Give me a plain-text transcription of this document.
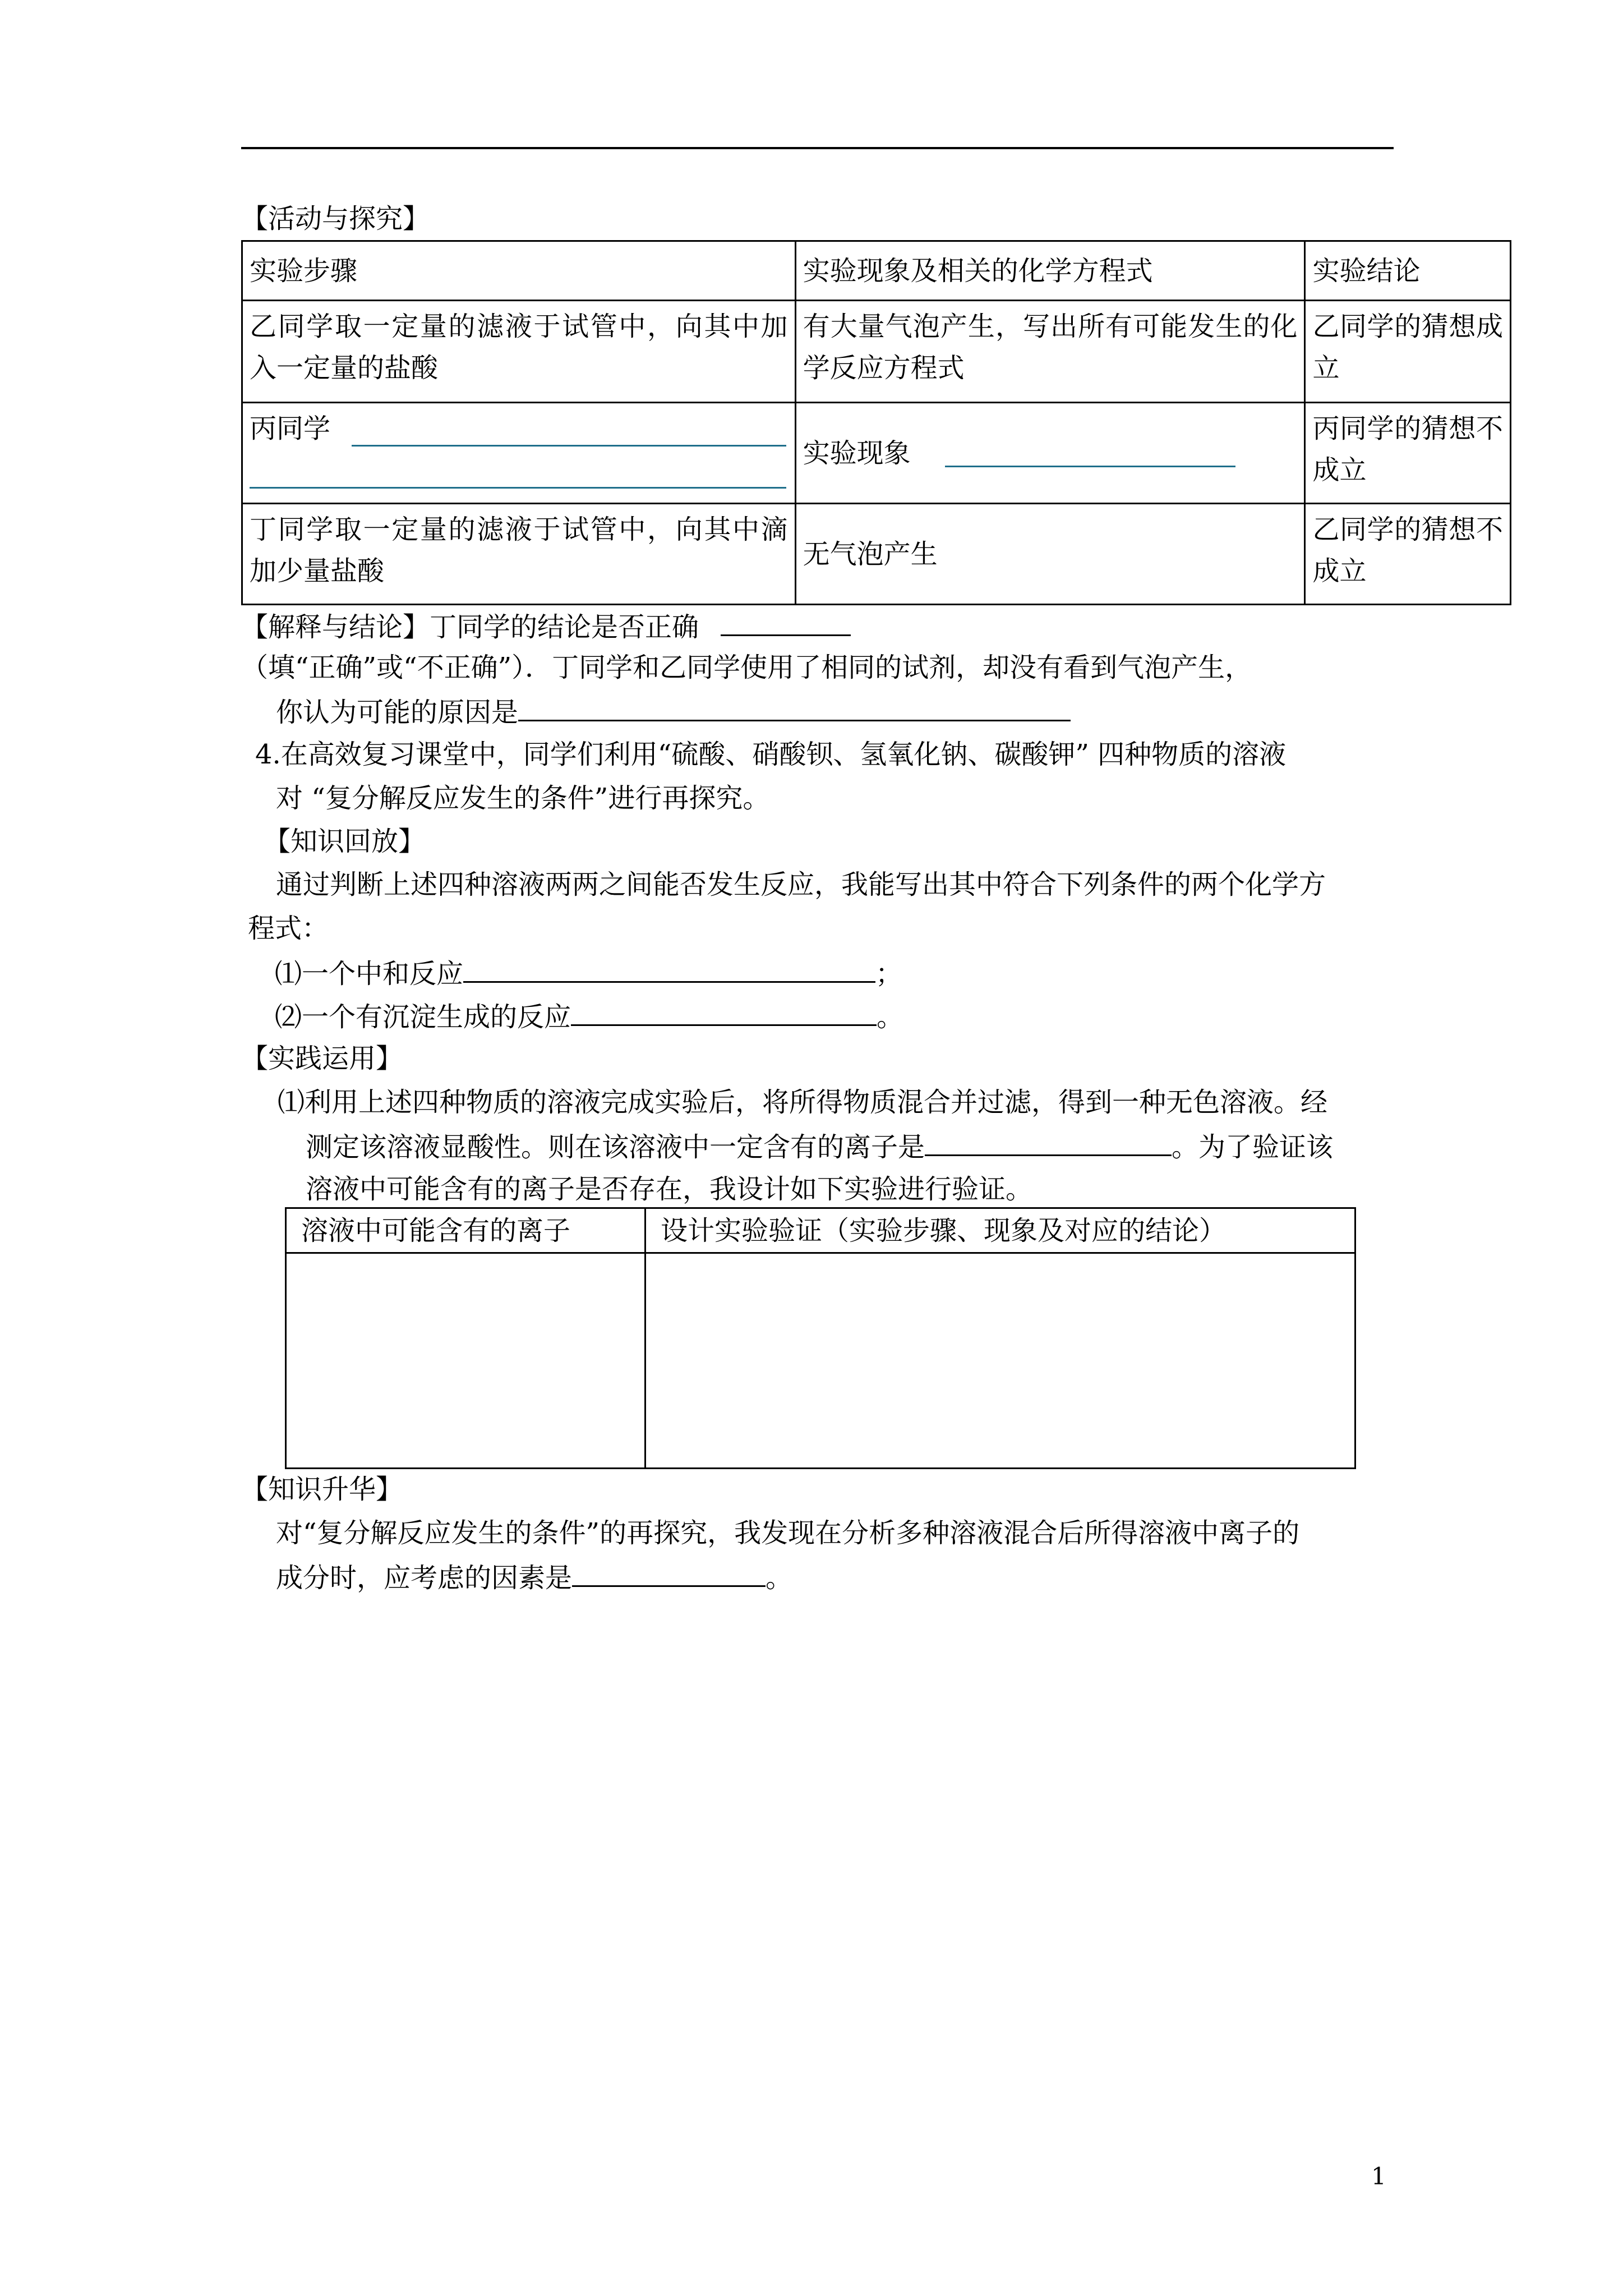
【活动与探究】
实验步骤	实验现象及相关的化学方程式	实验结论
乙同学取一定量的滤液于试管中，向其中加入一定量的盐酸	有大量气泡产生，写出所有可能发生的化学反应方程式	乙同学的猜想成立
丙同学	实验现象	丙同学的猜想不成立
丁同学取一定量的滤液于试管中，向其中滴加少量盐酸	无气泡产生	乙同学的猜想不成立
【解释与结论】丁同学的结论是否正确
（填“正确”或“不正确”）．丁同学和乙同学使用了相同的试剂，却没有看到气泡产生，
你认为可能的原因是
4.在高效复习课堂中，同学们利用“硫酸、硝酸钡、氢氧化钠、碳酸钾” 四种物质的溶液
对 “复分解反应发生的条件”进行再探究。
【知识回放】
通过判断上述四种溶液两两之间能否发生反应，我能写出其中符合下列条件的两个化学方
程式：
⑴一个中和反应	；
⑵一个有沉淀生成的反应	。
【实践运用】
⑴利用上述四种物质的溶液完成实验后，将所得物质混合并过滤，得到一种无色溶液。经
测定该溶液显酸性。则在该溶液中一定含有的离子是	。为了验证该
溶液中可能含有的离子是否存在，我设计如下实验进行验证。
溶液中可能含有的离子	设计实验验证（实验步骤、现象及对应的结论）

【知识升华】
对“复分解反应发生的条件”的再探究，我发现在分析多种溶液混合后所得溶液中离子的
成分时，应考虑的因素是	。
1
